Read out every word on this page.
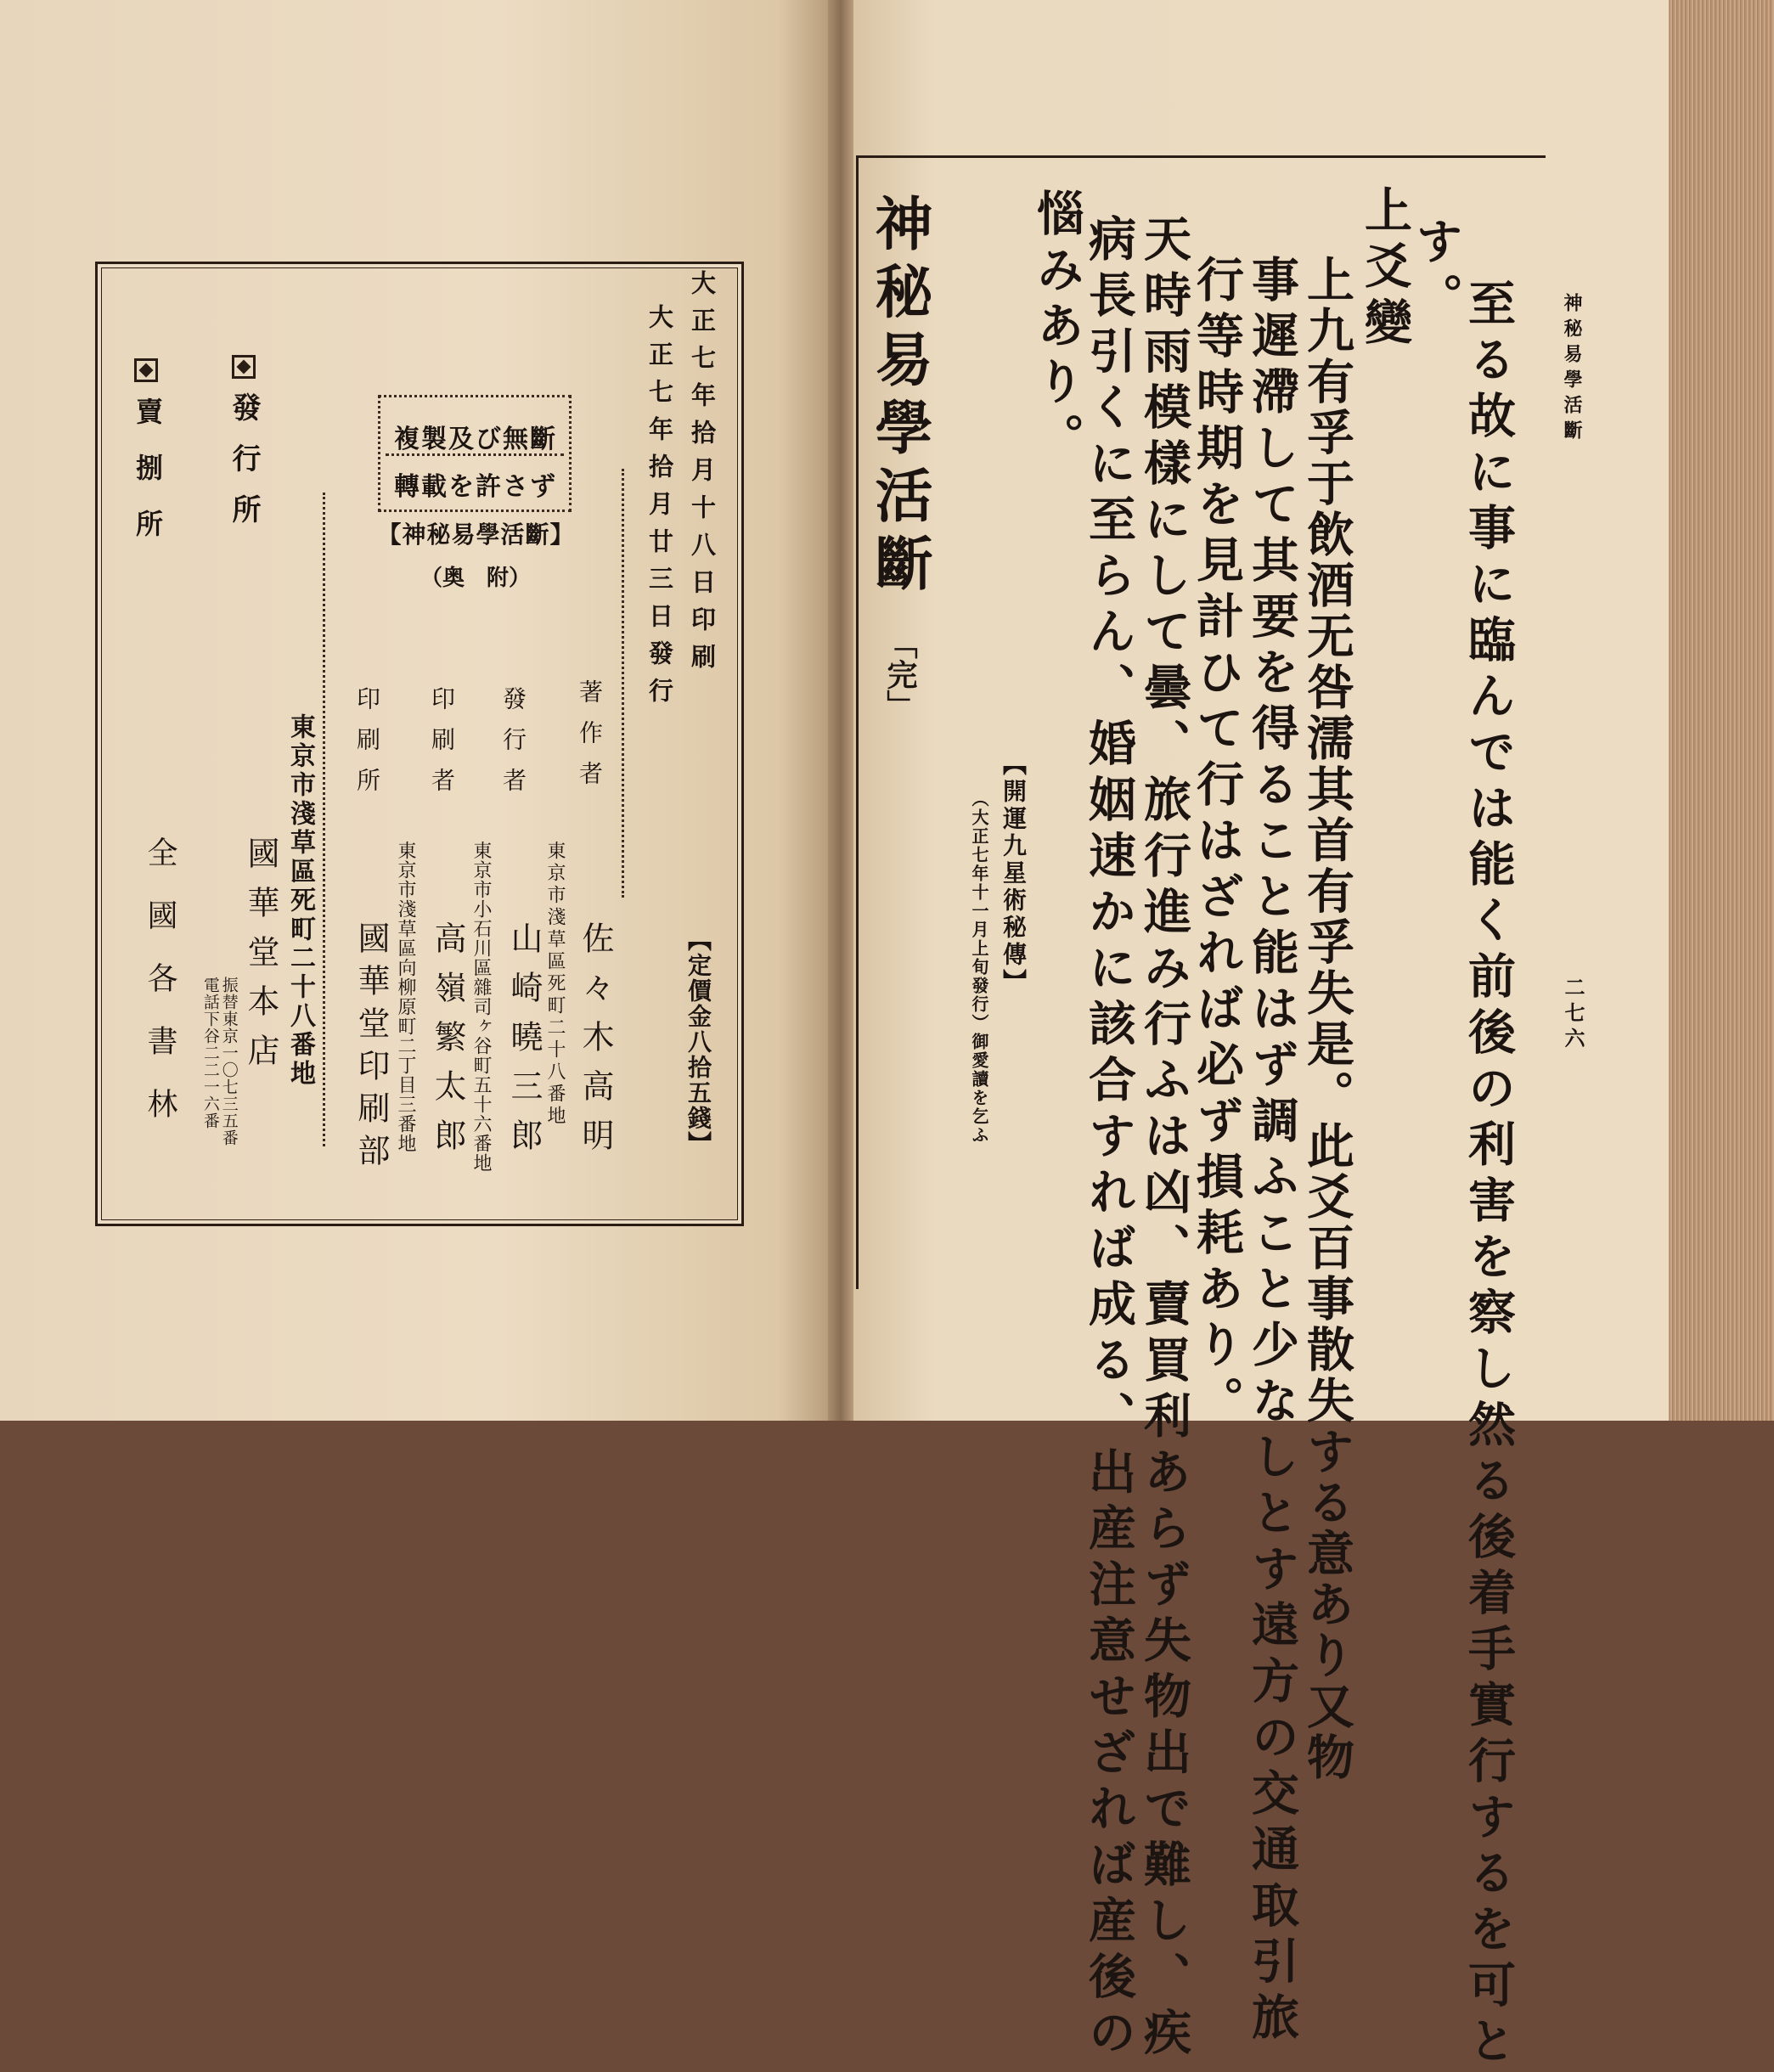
大正七年拾月十八日印刷
大正七年拾月廿三日發行
複製及び無斷
轉載を許さず
【神秘易學活斷】
（奥　附）
【定價金八拾五錢】
著作者
發行者
印刷者
印刷所
東京市淺草區死町二十八番地
東京市小石川區雜司ヶ谷町五十六番地
東京市淺草區向柳原町二丁目三番地	佐々木高明
山崎曉三郎
高嶺繁太郎
國華堂印刷部
東京市淺草區死町二十八番地
發行所
國華堂本店
振替東京一〇七三五番　電話下谷二二一六番
賣捌所
全國各書林
神秘易學活斷
二七六
至る故に事に臨んでは能く前後の利害を察し然る後着手實行するを可と
す。
上爻變
上九有孚于飲酒无咎濡其首有孚失是。此爻百事散失する意あり又物
事遲滯して其要を得ること能はず調ふこと少なしとす遠方の交通取引旅
行等時期を見計ひて行はざれば必ず損耗あり。
天時雨模樣にして曇、旅行進み行ふは凶、賣買利あらず失物出で難し、疾
病長引くに至らん、婚姻速かに該合すれば成る、出産注意せざれば産後の
惱みあり。
神秘易學活斷
「完」
【開運九星術秘傳】
（大正七年十一月上旬發行）御愛讀を乞ふ
